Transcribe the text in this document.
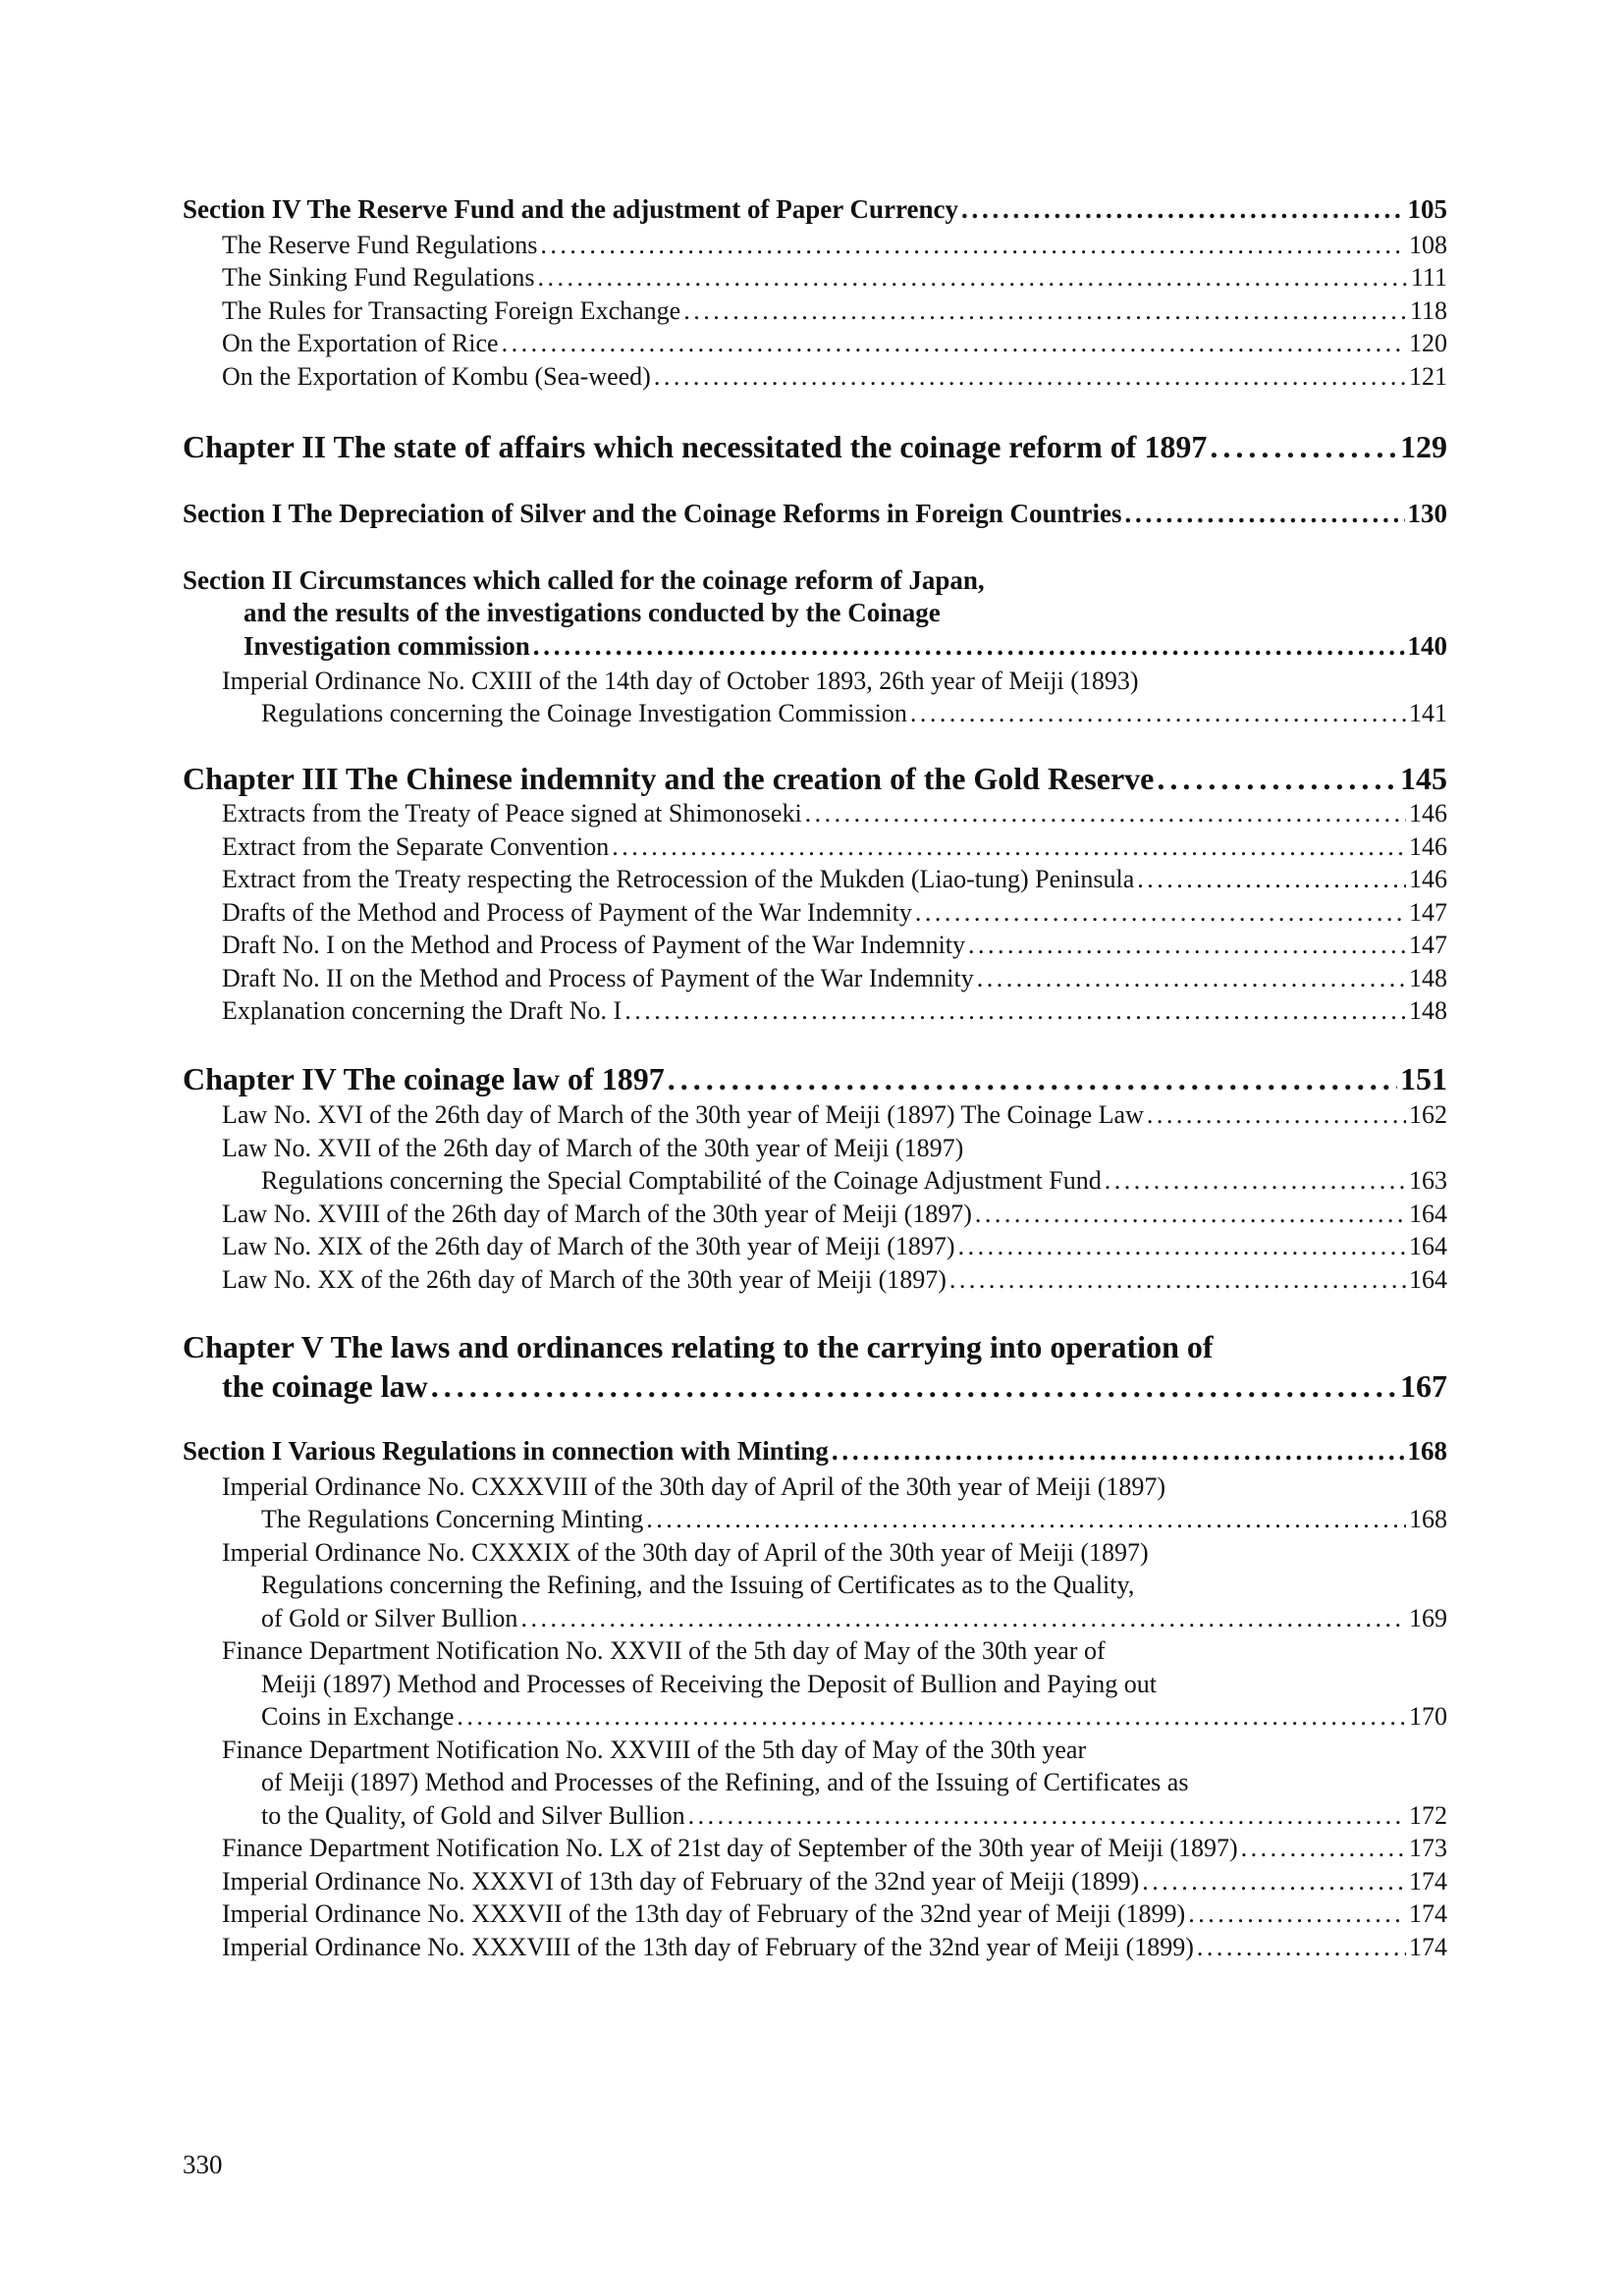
Section IV The Reserve Fund and the adjustment of Paper Currency . . .	105
The Reserve Fund Regulations . . .	108
The Sinking Fund Regulations . . .	111
The Rules for Transacting Foreign Exchange . . .	118
On the Exportation of Rice . . .	120
On the Exportation of Kombu (Sea-weed) . . .	121
Chapter II The state of affairs which necessitated the coinage reform of 1897 . . .	129
Section I The Depreciation of Silver and the Coinage Reforms in Foreign Countries . . .	130
Section II Circumstances which called for the coinage reform of Japan,
and the results of the investigations conducted by the Coinage
Investigation commission . . .	140
Imperial Ordinance No. CXIII of the 14th day of October 1893, 26th year of Meiji (1893)
Regulations concerning the Coinage Investigation Commission . . .	141
Chapter III The Chinese indemnity and the creation of the Gold Reserve . . .	145
Extracts from the Treaty of Peace signed at Shimonoseki . . .	146
Extract from the Separate Convention . . .	146
Extract from the Treaty respecting the Retrocession of the Mukden (Liao-tung) Peninsula . . .	146
Drafts of the Method and Process of Payment of the War Indemnity . . .	147
Draft No. I on the Method and Process of Payment of the War Indemnity . . .	147
Draft No. II on the Method and Process of Payment of the War Indemnity . . .	148
Explanation concerning the Draft No. I . . .	148
Chapter IV The coinage law of 1897 . . .	151
Law No. XVI of the 26th day of March of the 30th year of Meiji (1897) The Coinage Law . . .	162
Law No. XVII of the 26th day of March of the 30th year of Meiji (1897)
Regulations concerning the Special Comptabilité of the Coinage Adjustment Fund . . .	163
Law No. XVIII of the 26th day of March of the 30th year of Meiji (1897) . . .	164
Law No. XIX of the 26th day of March of the 30th year of Meiji (1897) . . .	164
Law No. XX of the 26th day of March of the 30th year of Meiji (1897) . . .	164
Chapter V The laws and ordinances relating to the carrying into operation of
the coinage law . . .	167
Section I Various Regulations in connection with Minting . . .	168
Imperial Ordinance No. CXXXVIII of the 30th day of April of the 30th year of Meiji (1897)
The Regulations Concerning Minting . . .	168
Imperial Ordinance No. CXXXIX of the 30th day of April of the 30th year of Meiji (1897)
Regulations concerning the Refining, and the Issuing of Certificates as to the Quality,
of Gold or Silver Bullion . . .	169
Finance Department Notification No. XXVII of the 5th day of May of the 30th year of
Meiji (1897) Method and Processes of Receiving the Deposit of Bullion and Paying out
Coins in Exchange . . .	170
Finance Department Notification No. XXVIII of the 5th day of May of the 30th year
of Meiji (1897) Method and Processes of the Refining, and of the Issuing of Certificates as
to the Quality, of Gold and Silver Bullion . . .	172
Finance Department Notification No. LX of 21st day of September of the 30th year of Meiji (1897) . . .	173
Imperial Ordinance No. XXXVI of 13th day of February of the 32nd year of Meiji (1899) . . .	174
Imperial Ordinance No. XXXVII of the 13th day of February of the 32nd year of Meiji (1899) . . .	174
Imperial Ordinance No. XXXVIII of the 13th day of February of the 32nd year of Meiji (1899) . . .	174
330
